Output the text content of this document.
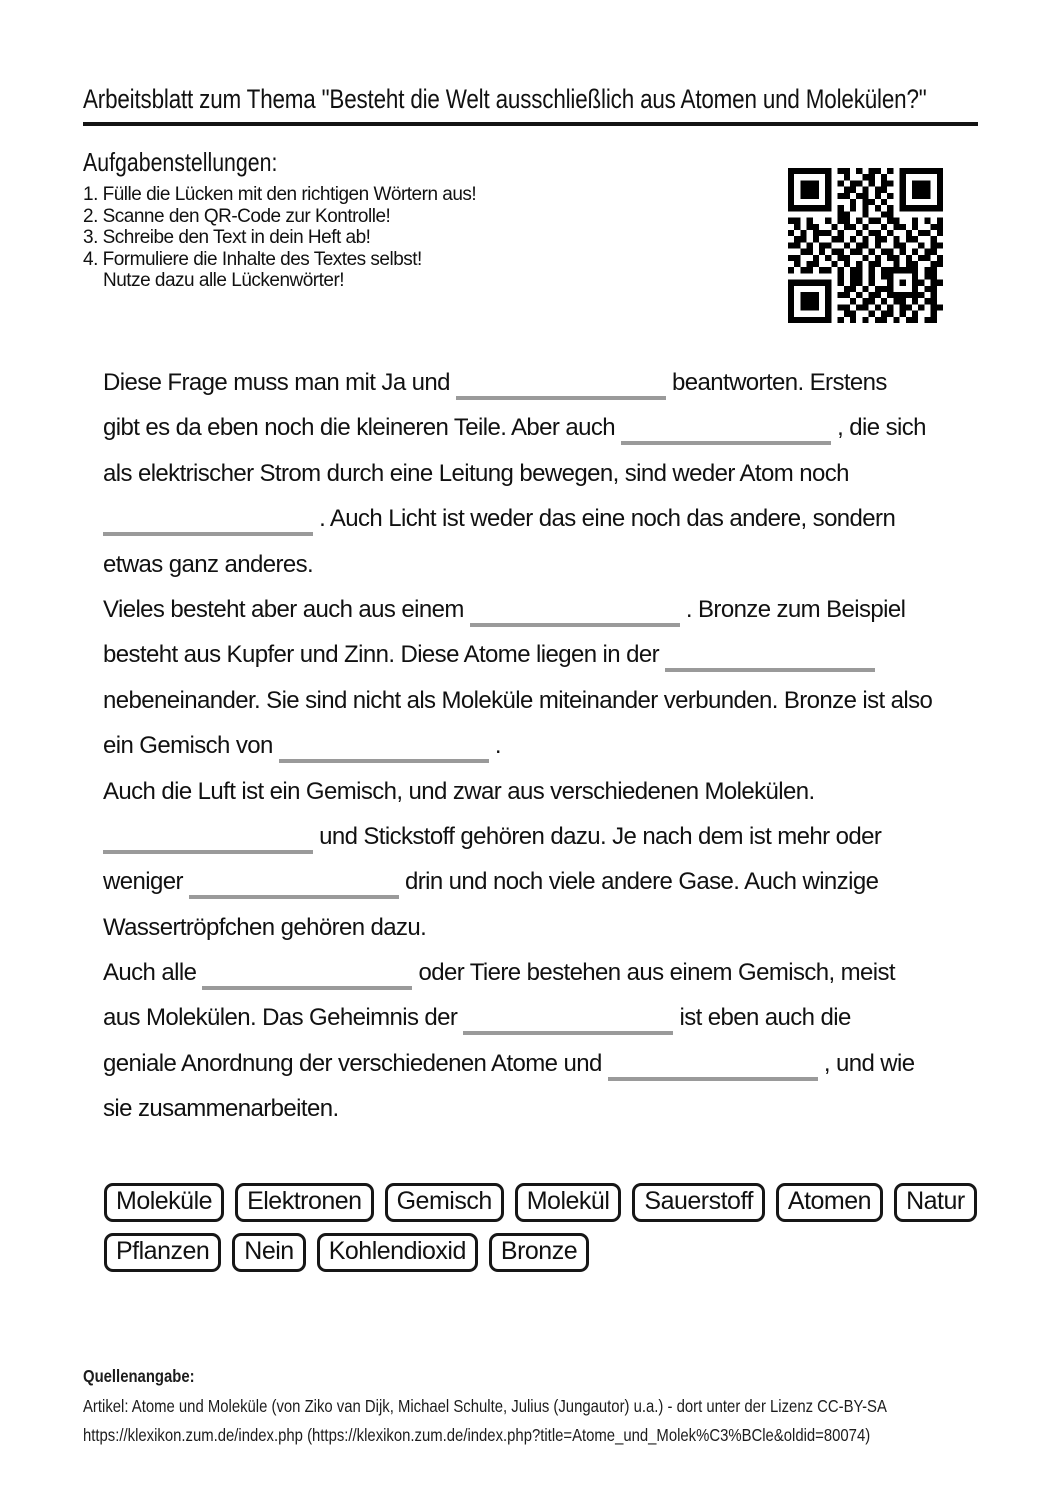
Arbeitsblatt zum Thema "Besteht die Welt ausschließlich aus Atomen und Molekülen?"
Aufgabenstellungen:
1. Fülle die Lücken mit den richtigen Wörtern aus!
2. Scanne den QR-Code zur Kontrolle!
3. Schreibe den Text in dein Heft ab!
4. Formuliere die Inhalte des Textes selbst!
Nutze dazu alle Lückenwörter!
Diese Frage muss man mit Ja und	beantworten. Erstens
gibt es da eben noch die kleineren Teile. Aber auch	, die sich
als elektrischer Strom durch eine Leitung bewegen, sind weder Atom noch
. Auch Licht ist weder das eine noch das andere, sondern
etwas ganz anderes.
Vieles besteht aber auch aus einem	. Bronze zum Beispiel
besteht aus Kupfer und Zinn. Diese Atome liegen in der
nebeneinander. Sie sind nicht als Moleküle miteinander verbunden. Bronze ist also
ein Gemisch von	.
Auch die Luft ist ein Gemisch, und zwar aus verschiedenen Molekülen.
und Stickstoff gehören dazu. Je nach dem ist mehr oder
weniger	drin und noch viele andere Gase. Auch winzige
Wassertröpfchen gehören dazu.
Auch alle	oder Tiere bestehen aus einem Gemisch, meist
aus Molekülen. Das Geheimnis der	ist eben auch die
geniale Anordnung der verschiedenen Atome und	, und wie
sie zusammenarbeiten.
Moleküle	Elektronen	Gemisch	Molekül	Sauerstoff	Atomen	Natur
Pflanzen	Nein	Kohlendioxid	Bronze
Quellenangabe:
Artikel: Atome und Moleküle (von Ziko van Dijk, Michael Schulte, Julius (Jungautor) u.a.) - dort unter der Lizenz CC-BY-SA
https://klexikon.zum.de/index.php (https://klexikon.zum.de/index.php?title=Atome_und_Molek%C3%BCle&oldid=80074)
